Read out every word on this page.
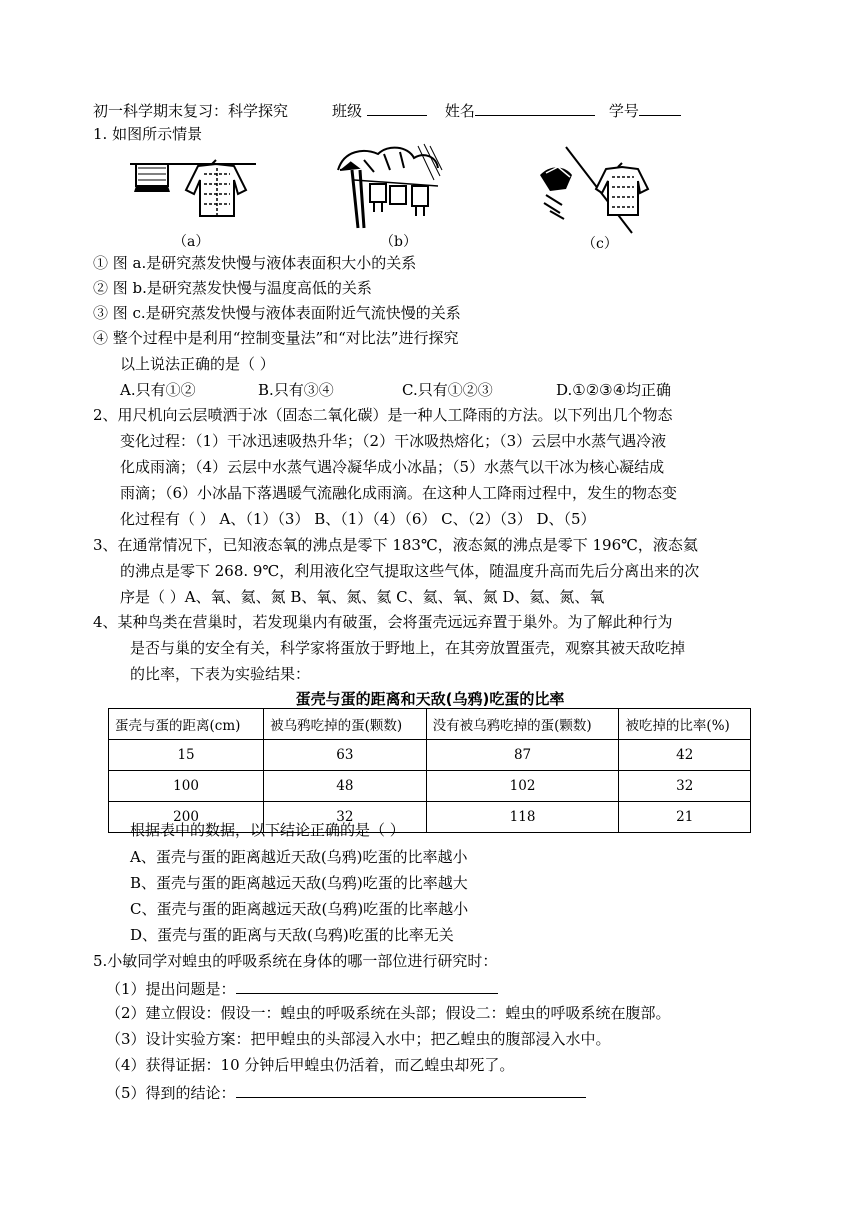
初一科学期末复习：科学探究	班级	姓名	学号
1. 如图所示情景
（a）	（b）	（c）
① 图 a.是研究蒸发快慢与液体表面积大小的关系
② 图 b.是研究蒸发快慢与温度高低的关系
③ 图 c.是研究蒸发快慢与液体表面附近气流快慢的关系
④ 整个过程中是利用“控制变量法”和“对比法”进行探究
以上说法正确的是（ ）
A.只有①②	B.只有③④	C.只有①②③	D.①②③④均正确
2、用尺机向云层喷洒于冰（固态二氧化碳）是一种人工降雨的方法。以下列出几个物态
变化过程：（1）干冰迅速吸热升华；（2）干冰吸热熔化；（3）云层中水蒸气遇冷液
化成雨滴；（4）云层中水蒸气遇冷凝华成小冰晶；（5）水蒸气以干冰为核心凝结成
雨滴；（6）小冰晶下落遇暖气流融化成雨滴。在这种人工降雨过程中，发生的物态变
化过程有（ ） A、（1）（3） B、（1）（4）（6） C、（2）（3） D、（5）
3、在通常情况下，已知液态氧的沸点是零下 183℃，液态氮的沸点是零下 196℃，液态氦
的沸点是零下 268. 9℃，利用液化空气提取这些气体，随温度升高而先后分离出来的次
序是（ ）A、氧、氦、氮 B、氧、氮、氦 C、氦、氧、氮 D、氦、氮、氧
4、某种鸟类在营巢时，若发现巢内有破蛋，会将蛋壳远远弃置于巢外。为了解此种行为
是否与巢的安全有关，科学家将蛋放于野地上，在其旁放置蛋壳，观察其被天敌吃掉
的比率，下表为实验结果：
蛋壳与蛋的距离和天敌(乌鸦)吃蛋的比率
蛋壳与蛋的距离(cm)	被乌鸦吃掉的蛋(颗数)	没有被乌鸦吃掉的蛋(颗数)	被吃掉的比率(%)
15	63	87	42
100	48	102	32
200	32	118	21
根据表中的数据，以下结论正确的是（ ）
A、蛋壳与蛋的距离越近天敌(乌鸦)吃蛋的比率越小
B、蛋壳与蛋的距离越远天敌(乌鸦)吃蛋的比率越大
C、蛋壳与蛋的距离越远天敌(乌鸦)吃蛋的比率越小
D、蛋壳与蛋的距离与天敌(乌鸦)吃蛋的比率无关
5.小敏同学对蝗虫的呼吸系统在身体的哪一部位进行研究时：
（1）提出问题是：
（2）建立假设：假设一：蝗虫的呼吸系统在头部；假设二：蝗虫的呼吸系统在腹部。
（3）设计实验方案：把甲蝗虫的头部浸入水中；把乙蝗虫的腹部浸入水中。
（4）获得证据：10 分钟后甲蝗虫仍活着，而乙蝗虫却死了。
（5）得到的结论：
